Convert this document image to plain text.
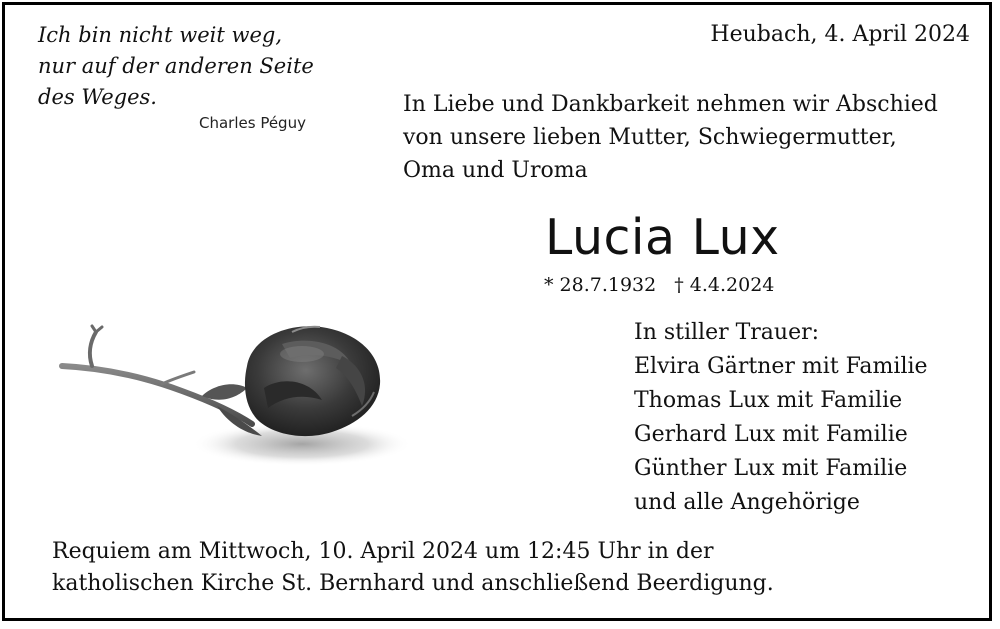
Ich bin nicht weit weg,
nur auf der anderen Seite
des Weges.
Charles Péguy
Heubach, 4. April 2024
In Liebe und Dankbarkeit nehmen wir Abschied
von unsere lieben Mutter, Schwiegermutter,
Oma und Uroma
Lucia Lux
* 28.7.1932 † 4.4.2024
In stiller Trauer:
Elvira Gärtner mit Familie
Thomas Lux mit Familie
Gerhard Lux mit Familie
Günther Lux mit Familie
und alle Angehörige
Requiem am Mittwoch, 10. April 2024 um 12:45 Uhr in der
katholischen Kirche St. Bernhard und anschließend Beerdigung.
